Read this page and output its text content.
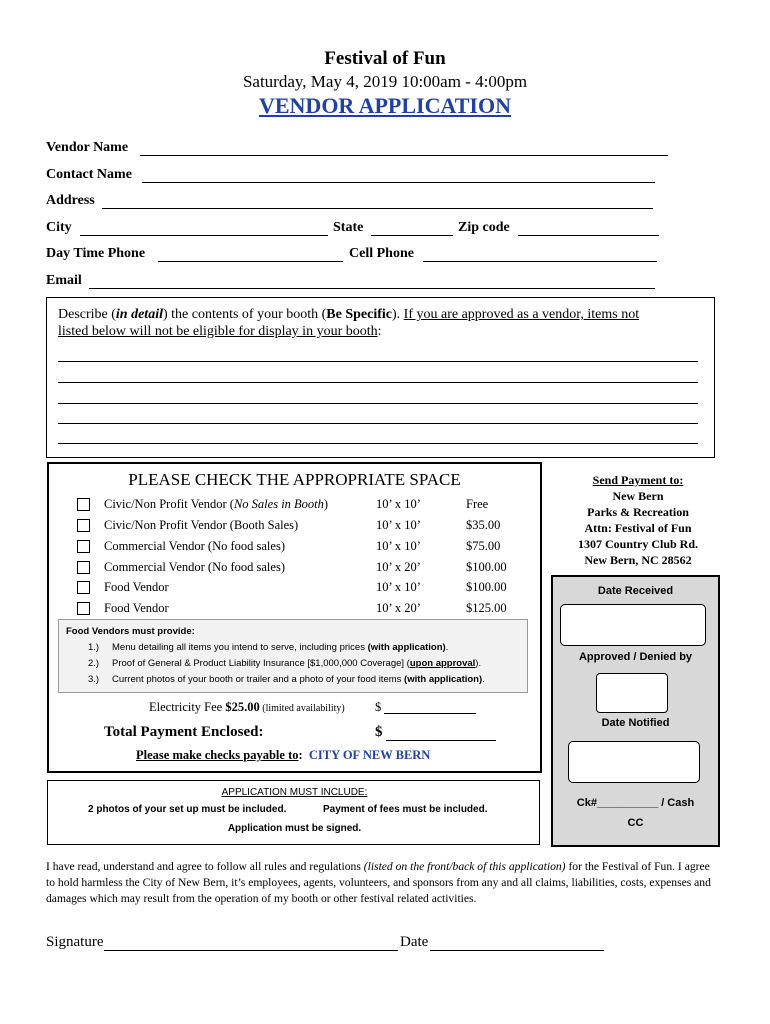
Festival of Fun
Saturday, May 4, 2019 10:00am - 4:00pm
VENDOR APPLICATION
Vendor Name
Contact Name
Address
City	State	Zip code
Day Time Phone	Cell Phone
Email
Describe (in detail) the contents of your booth (Be Specific). If you are approved as a vendor, items not
listed below will not be eligible for display in your booth:
PLEASE CHECK THE APPROPRIATE SPACE
Civic/Non Profit Vendor (No Sales in Booth)	10’ x 10’	Free
Civic/Non Profit Vendor (Booth Sales)	10’ x 10’	$35.00
Commercial Vendor (No food sales)	10’ x 10’	$75.00
Commercial Vendor (No food sales)	10’ x 20’	$100.00
Food Vendor	10’ x 10’	$100.00
Food Vendor	10’ x 20’	$125.00
Food Vendors must provide:
1.) Menu detailing all items you intend to serve, including prices (with application).
2.) Proof of General & Product Liability Insurance [$1,000,000 Coverage] (upon approval).
3.) Current photos of your booth or trailer and a photo of your food items (with application).
Electricity Fee $25.00 (limited availability) $
Total Payment Enclosed:	$
Please make checks payable to: CITY OF NEW BERN
Send Payment to:
New Bern
Parks & Recreation
Attn: Festival of Fun
1307 Country Club Rd.
New Bern, NC 28562
Date Received
Approved / Denied by
Date Notified
Ck#__________ / Cash
CC
APPLICATION MUST INCLUDE:
2 photos of your set up must be included.	Payment of fees must be included.
Application must be signed.
I have read, understand and agree to follow all rules and regulations (listed on the front/back of this application) for the Festival of Fun. I agree to hold harmless the City of New Bern, it’s employees, agents, volunteers, and sponsors from any and all claims, liabilities, costs, expenses and damages which may result from the operation of my booth or other festival related activities.
Signature	Date
